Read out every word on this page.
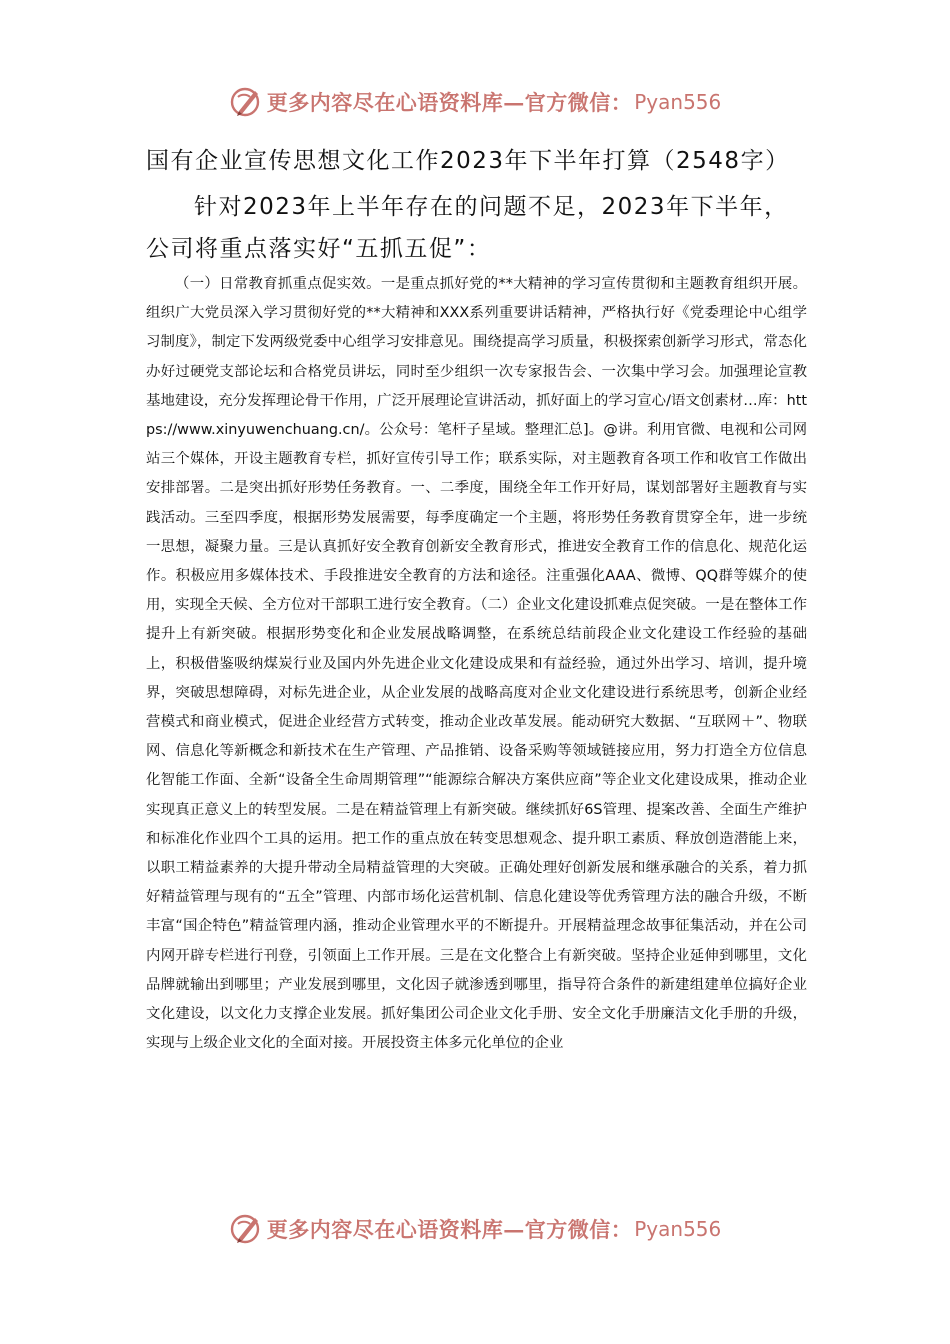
更多内容尽在心语资料库—官方微信： Pyan556
国有企业宣传思想文化工作2023年下半年打算（2548字）

针对2023年上半年存在的问题不足，2023年下半年，公司将重点落实好“五抓五促”：

（一）日常教育抓重点促实效。一是重点抓好党的**大精神的学习宣传贯彻和主题教育组织开展。组织广大党员深入学习贯彻好党的**大精神和XXX系列重要讲话精神，严格执行好《党委理论中心组学习制度》，制定下发两级党委中心组学习安排意见。围绕提高学习质量，积极探索创新学习形式，常态化办好过硬党支部论坛和合格党员讲坛，同时至少组织一次专家报告会、一次集中学习会。加强理论宣教基地建设，充分发挥理论骨干作用，广泛开展理论宣讲活动，抓好面上的学习宣心/语文创素材…库：https://www.xinyuwenchuang.cn/。公众号：笔杆子星域。整理汇总]。@讲。利用官微、电视和公司网站三个媒体，开设主题教育专栏，抓好宣传引导工作；联系实际，对主题教育各项工作和收官工作做出安排部署。二是突出抓好形势任务教育。一、二季度，围绕全年工作开好局，谋划部署好主题教育与实践活动。三至四季度，根据形势发展需要，每季度确定一个主题，将形势任务教育贯穿全年，进一步统一思想，凝聚力量。三是认真抓好安全教育创新安全教育形式，推进安全教育工作的信息化、规范化运作。积极应用多媒体技术、手段推进安全教育的方法和途径。注重强化AAA、微博、QQ群等媒介的使用，实现全天候、全方位对干部职工进行安全教育。（二）企业文化建设抓难点促突破。一是在整体工作提升上有新突破。根据形势变化和企业发展战略调整，在系统总结前段企业文化建设工作经验的基础上，积极借鉴吸纳煤炭行业及国内外先进企业文化建设成果和有益经验，通过外出学习、培训，提升境界，突破思想障碍，对标先进企业，从企业发展的战略高度对企业文化建设进行系统思考，创新企业经营模式和商业模式，促进企业经营方式转变，推动企业改革发展。能动研究大数据、“互联网＋”、物联网、信息化等新概念和新技术在生产管理、产品推销、设备采购等领域链接应用，努力打造全方位信息化智能工作面、全新“设备全生命周期管理”“能源综合解决方案供应商”等企业文化建设成果，推动企业实现真正意义上的转型发展。二是在精益管理上有新突破。继续抓好6S管理、提案改善、全面生产维护和标准化作业四个工具的运用。把工作的重点放在转变思想观念、提升职工素质、释放创造潜能上来，以职工精益素养的大提升带动全局精益管理的大突破。正确处理好创新发展和继承融合的关系，着力抓好精益管理与现有的“五全”管理、内部市场化运营机制、信息化建设等优秀管理方法的融合升级，不断丰富“国企特色”精益管理内涵，推动企业管理水平的不断提升。开展精益理念故事征集活动，并在公司内网开辟专栏进行刊登，引领面上工作开展。三是在文化整合上有新突破。坚持企业延伸到哪里，文化品牌就输出到哪里；产业发展到哪里，文化因子就渗透到哪里，指导符合条件的新建组建单位搞好企业文化建设，以文化力支撑企业发展。抓好集团公司企业文化手册、安全文化手册廉洁文化手册的升级，实现与上级企业文化的全面对接。开展投资主体多元化单位的企业

更多内容尽在心语资料库—官方微信： Pyan556
